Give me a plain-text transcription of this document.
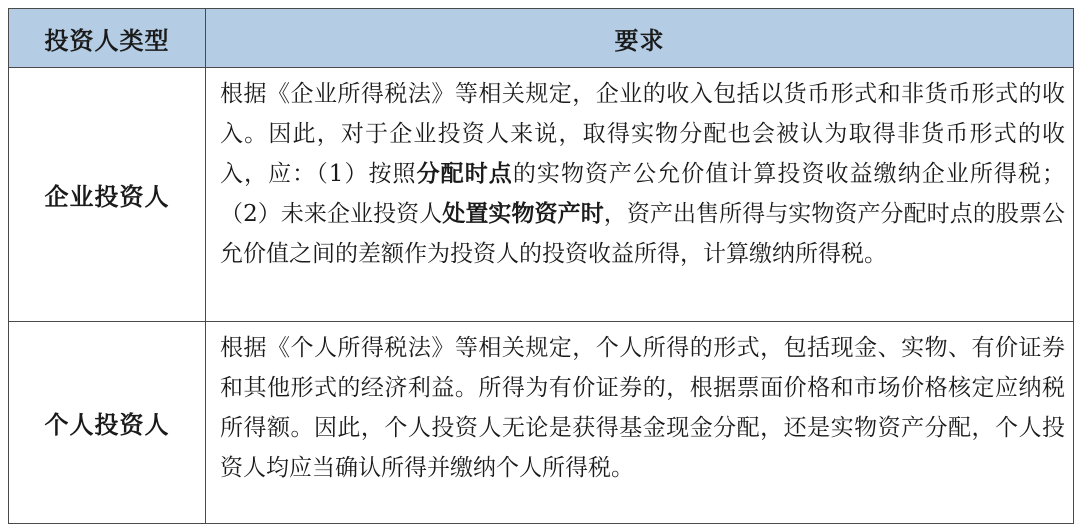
投资人类型	要求
企业投资人
根据《企业所得税法》等相关规定，企业的收入包括以货币形式和非货币形式的收入。因此，对于企业投资人来说，取得实物分配也会被认为取得非货币形式的收入，应：（1）按照分配时点的实物资产公允价值计算投资收益缴纳企业所得税；（2）未来企业投资人处置实物资产时，资产出售所得与实物资产分配时点的股票公允价值之间的差额作为投资人的投资收益所得，计算缴纳所得税。
个人投资人
根据《个人所得税法》等相关规定，个人所得的形式，包括现金、实物、有价证券和其他形式的经济利益。所得为有价证券的，根据票面价格和市场价格核定应纳税所得额。因此，个人投资人无论是获得基金现金分配，还是实物资产分配，个人投资人均应当确认所得并缴纳个人所得税。
